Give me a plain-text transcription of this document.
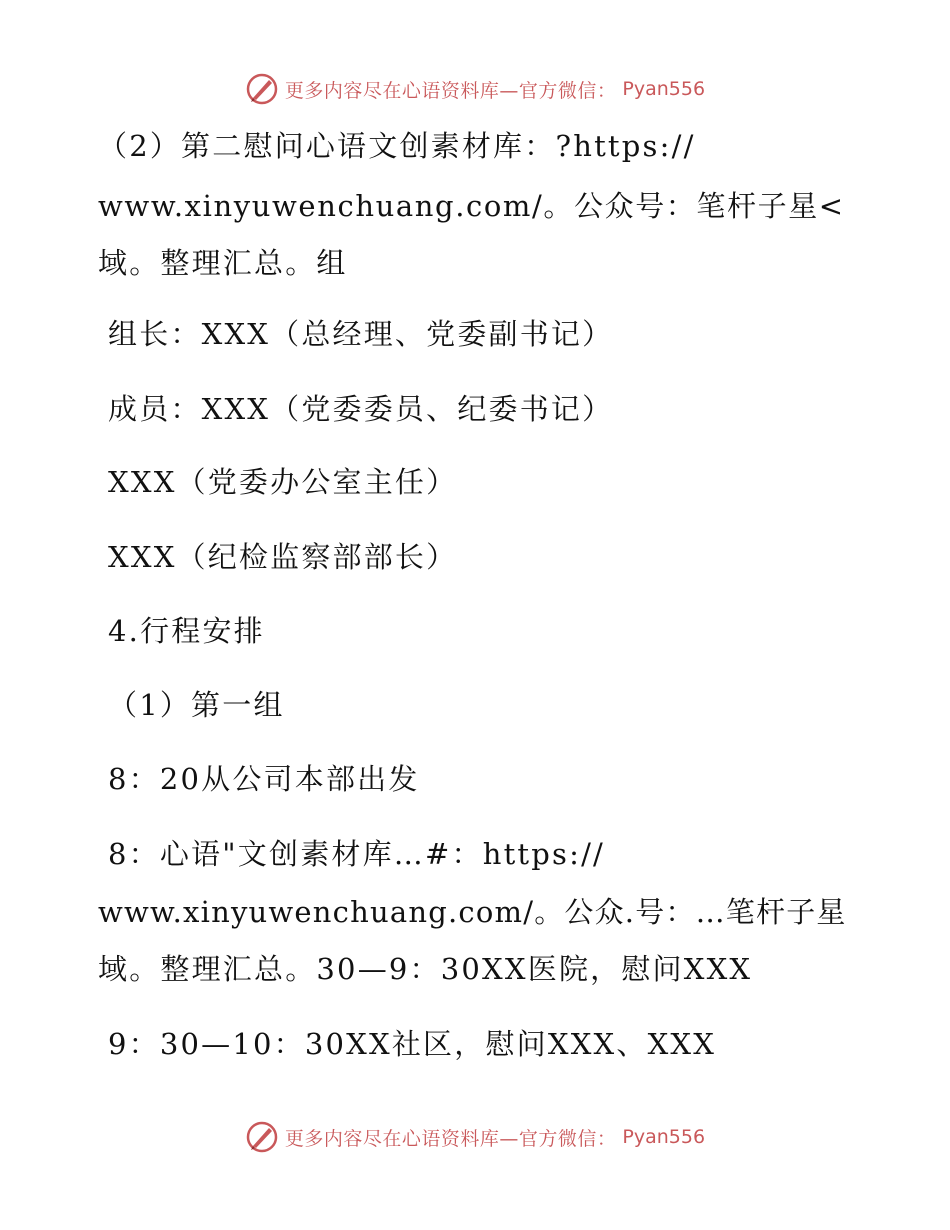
更多内容尽在心语资料库—官方微信： Pyan556
（2）第二慰问心语文创素材库：?https://
www.xinyuwenchuang.com/。公众号：笔杆子星<
域。整理汇总。组
组长：XXX（总经理、党委副书记）
成员：XXX（党委委员、纪委书记）
XXX（党委办公室主任）
XXX（纪检监察部部长）
4.行程安排
（1）第一组
8：20从公司本部出发
8：心语"文创素材库…#：https://
www.xinyuwenchuang.com/。公众.号：…笔杆子星
域。整理汇总。30—9：30XX医院，慰问XXX
9：30—10：30XX社区，慰问XXX、XXX
更多内容尽在心语资料库—官方微信： Pyan556
